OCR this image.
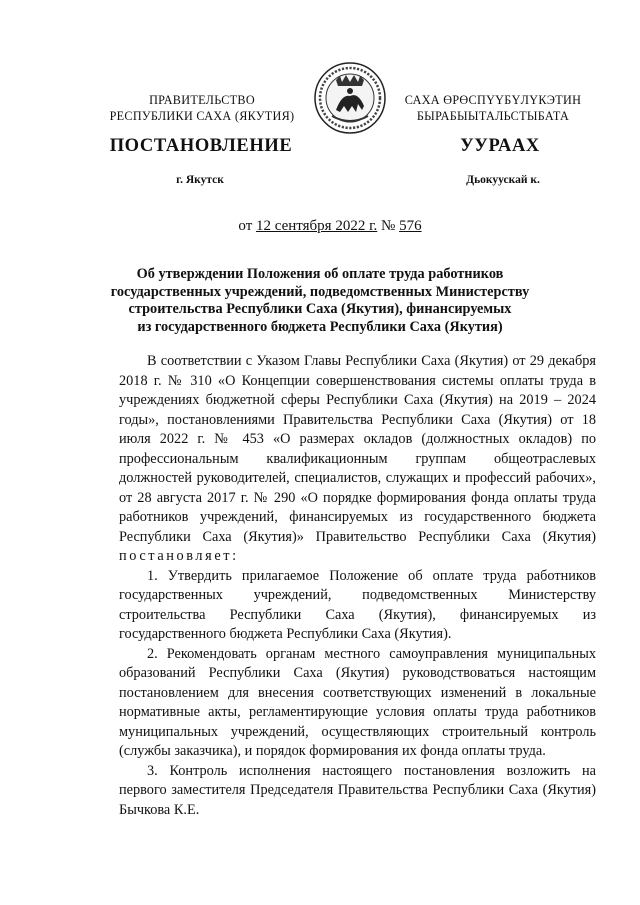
ПРАВИТЕЛЬСТВО
РЕСПУБЛИКИ САХА (ЯКУТИЯ)
САХА ӨРӨСПҮҮБҮЛҮКЭТИН
БЫРАБЫЫТАЛЬСТЫБАТА
ПОСТАНОВЛЕНИЕ	УУРААХ
г. Якутск	Дьокуускай к.
от 12 сентября 2022 г. № 576
Об утверждении Положения об оплате труда работников
государственных учреждений, подведомственных Министерству
строительства Республики Саха (Якутия), финансируемых
из государственного бюджета Республики Саха (Якутия)

В соответствии с Указом Главы Республики Саха (Якутия) от 29 декабря 2018 г. № 310 «О Концепции совершенствования системы оплаты труда в учреждениях бюджетной сферы Республики Саха (Якутия) на 2019 – 2024 годы», постановлениями Правительства Республики Саха (Якутия) от 18 июля 2022 г. № 453 «О размерах окладов (должностных окладов) по профессиональным квалификационным группам общеотраслевых должностей руководителей, специалистов, служащих и профессий рабочих», от 28 августа 2017 г. № 290 «О порядке формирования фонда оплаты труда работников учреждений, финансируемых из государственного бюджета Республики Саха (Якутия)» Правительство Республики Саха (Якутия) постановляет:

1. Утвердить прилагаемое Положение об оплате труда работников государственных учреждений, подведомственных Министерству строительства Республики Саха (Якутия), финансируемых из государственного бюджета Республики Саха (Якутия).

2. Рекомендовать органам местного самоуправления муниципальных образований Республики Саха (Якутия) руководствоваться настоящим постановлением для внесения соответствующих изменений в локальные нормативные акты, регламентирующие условия оплаты труда работников муниципальных учреждений, осуществляющих строительный контроль (службы заказчика), и порядок формирования их фонда оплаты труда.

3. Контроль исполнения настоящего постановления возложить на первого заместителя Председателя Правительства Республики Саха (Якутия) Бычкова К.Е.
